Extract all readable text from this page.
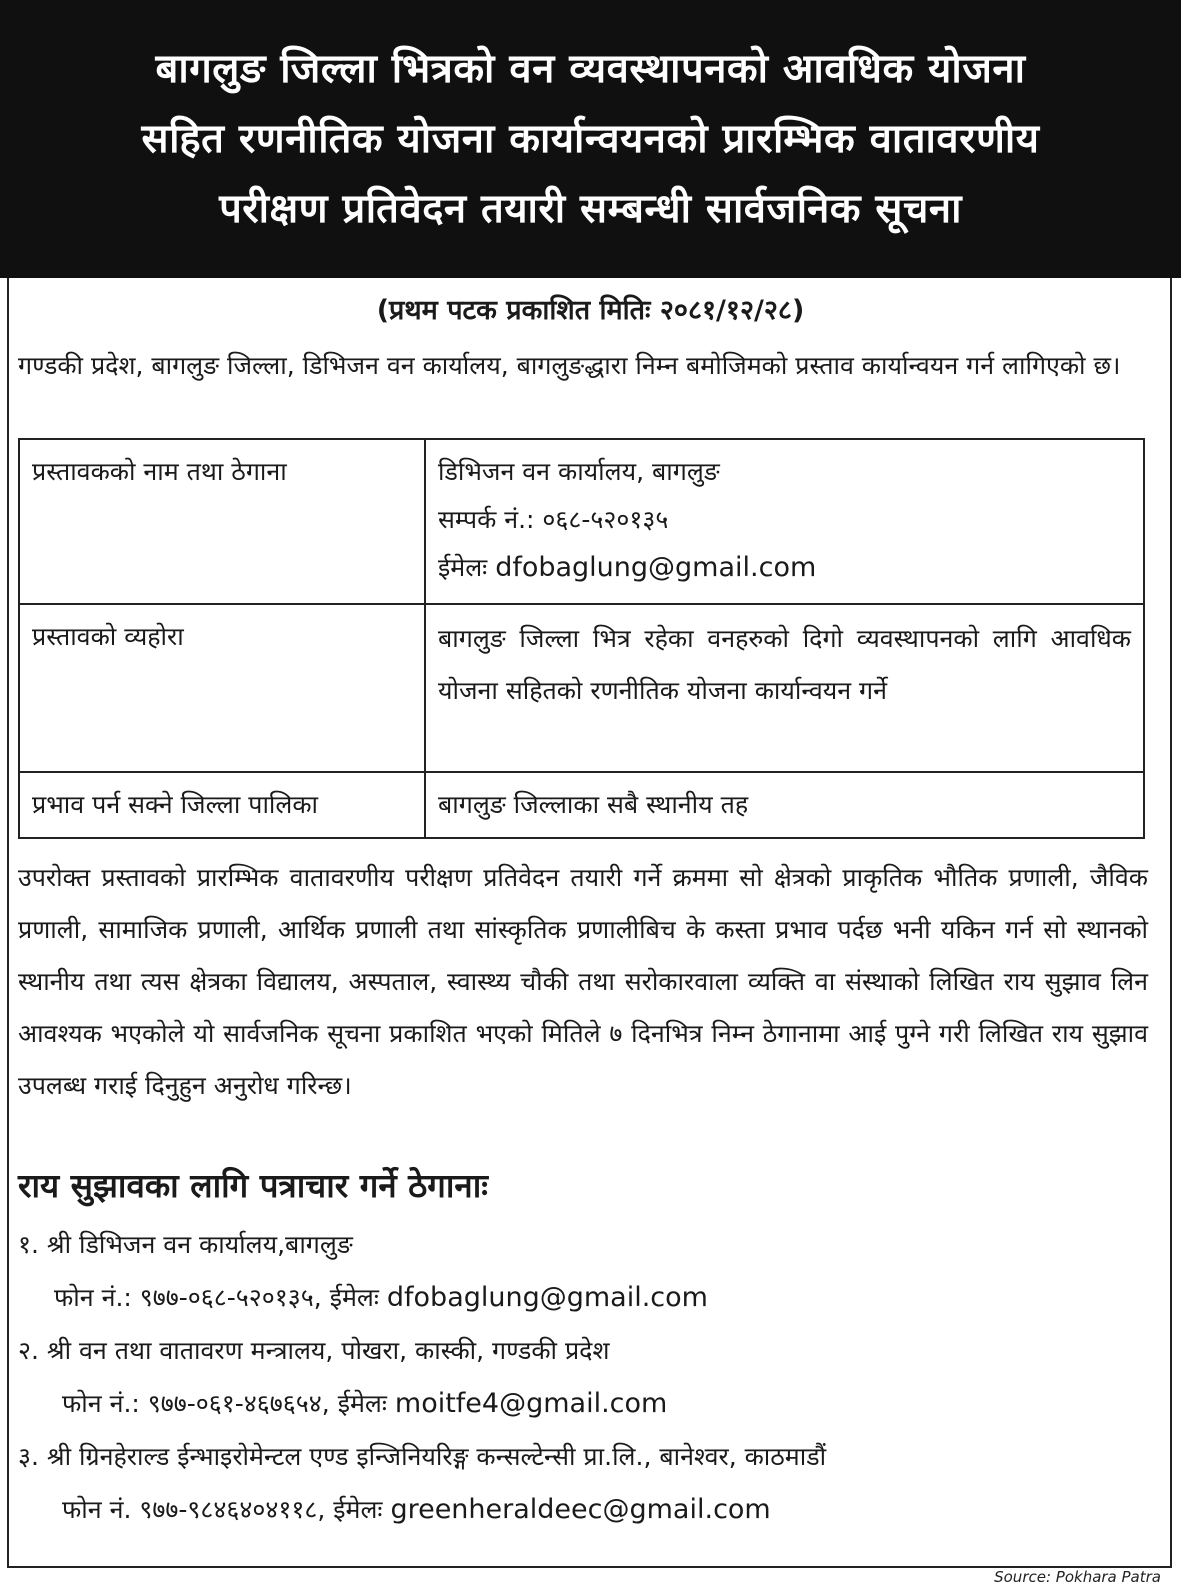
बागलुङ जिल्ला भित्रको वन व्यवस्थापनको आवधिक योजना
सहित रणनीतिक योजना कार्यान्वयनको प्रारम्भिक वातावरणीय
परीक्षण प्रतिवेदन तयारी सम्बन्धी सार्वजनिक सूचना
(प्रथम पटक प्रकाशित मितिः २०८१/१२/२८)
गण्डकी प्रदेश, बागलुङ जिल्ला, डिभिजन वन कार्यालय, बागलुङद्धारा निम्न बमोजिमको प्रस्ताव कार्यान्वयन गर्न लागिएको छ।
प्रस्तावकको नाम तथा ठेगाना	डिभिजन वन कार्यालय, बागलुङ
सम्पर्क नं.: ०६८-५२०१३५
ईमेलः dfobaglung@gmail.com

प्रस्तावको व्यहोरा	बागलुङ जिल्ला भित्र रहेका वनहरुको दिगो व्यवस्थापनको लागि आवधिक योजना सहितको रणनीतिक योजना कार्यान्वयन गर्ने

प्रभाव पर्न सक्ने जिल्ला पालिका	बागलुङ जिल्लाका सबै स्थानीय तह
उपरोक्त प्रस्तावको प्रारम्भिक वातावरणीय परीक्षण प्रतिवेदन तयारी गर्ने क्रममा सो क्षेत्रको प्राकृतिक भौतिक प्रणाली, जैविक प्रणाली, सामाजिक प्रणाली, आर्थिक प्रणाली तथा सांस्कृतिक प्रणालीबिच के कस्ता प्रभाव पर्दछ भनी यकिन गर्न सो स्थानको स्थानीय तथा त्यस क्षेत्रका विद्यालय, अस्पताल, स्वास्थ्य चौकी तथा सरोकारवाला व्यक्ति वा संस्थाको लिखित राय सुझाव लिन आवश्यक भएकोले यो सार्वजनिक सूचना प्रकाशित भएको मितिले ७ दिनभित्र निम्न ठेगानामा आई पुग्ने गरी लिखित राय सुझाव उपलब्ध गराई दिनुहुन अनुरोध गरिन्छ।
राय सुझावका लागि पत्राचार गर्ने ठेगानाः
१. श्री डिभिजन वन कार्यालय,बागलुङ
फोन नं.: ९७७-०६८-५२०१३५, ईमेलः dfobaglung@gmail.com
२. श्री वन तथा वातावरण मन्त्रालय, पोखरा, कास्की, गण्डकी प्रदेश
फोन नं.: ९७७-०६१-४६७६५४, ईमेलः moitfe4@gmail.com
३. श्री ग्रिनहेराल्ड ईन्भाइरोमेन्टल एण्ड इन्जिनियरिङ्ग कन्सल्टेन्सी प्रा.लि., बानेश्वर, काठमाडौं
फोन नं. ९७७-९८४६४०४११८, ईमेलः greenheraldeec@gmail.com
Source: Pokhara Patra
